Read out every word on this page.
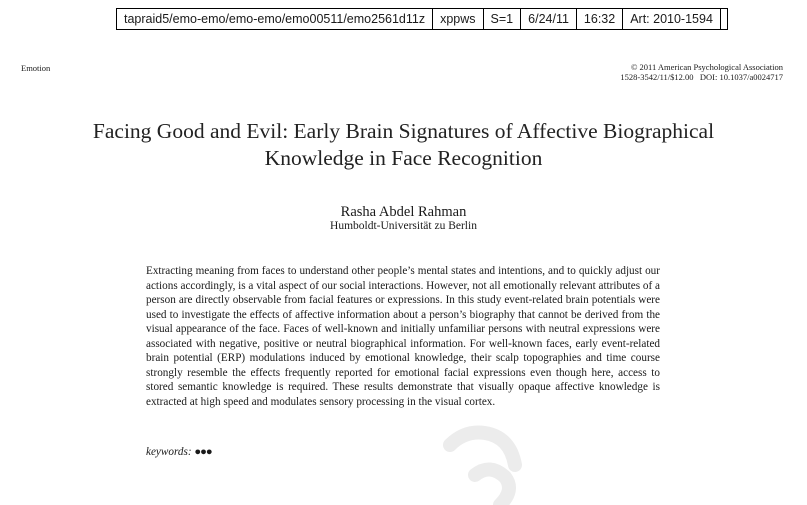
tapraid5/emo-emo/emo-emo/emo00511/emo2561d11z	xppws	S=1	6/24/11	16:32	Art: 2010-1594
Emotion	© 2011 American Psychological Association
1528-3542/11/$12.00   DOI: 10.1037/a0024717
Facing Good and Evil: Early Brain Signatures of Affective Biographical
Knowledge in Face Recognition
Rasha Abdel Rahman
Humboldt-Universität zu Berlin

Extracting meaning from faces to understand other people’s mental states and intentions, and to quickly adjust our actions accordingly, is a vital aspect of our social interactions. However, not all emotionally relevant attributes of a person are directly observable from facial features or expressions. In this study event-related brain potentials were used to investigate the effects of affective information about a person’s biography that cannot be derived from the visual appearance of the face. Faces of well-known and initially unfamiliar persons with neutral expressions were associated with negative, positive or neutral biographical information. For well-known faces, early event-related brain potential (ERP) modulations induced by emotional knowledge, their scalp topographies and time course strongly resemble the effects frequently reported for emotional facial expressions even though here, access to stored semantic knowledge is required. These results demonstrate that visually opaque affective knowledge is extracted at high speed and modulates sensory processing in the visual cortex.

keywords: ●●●
